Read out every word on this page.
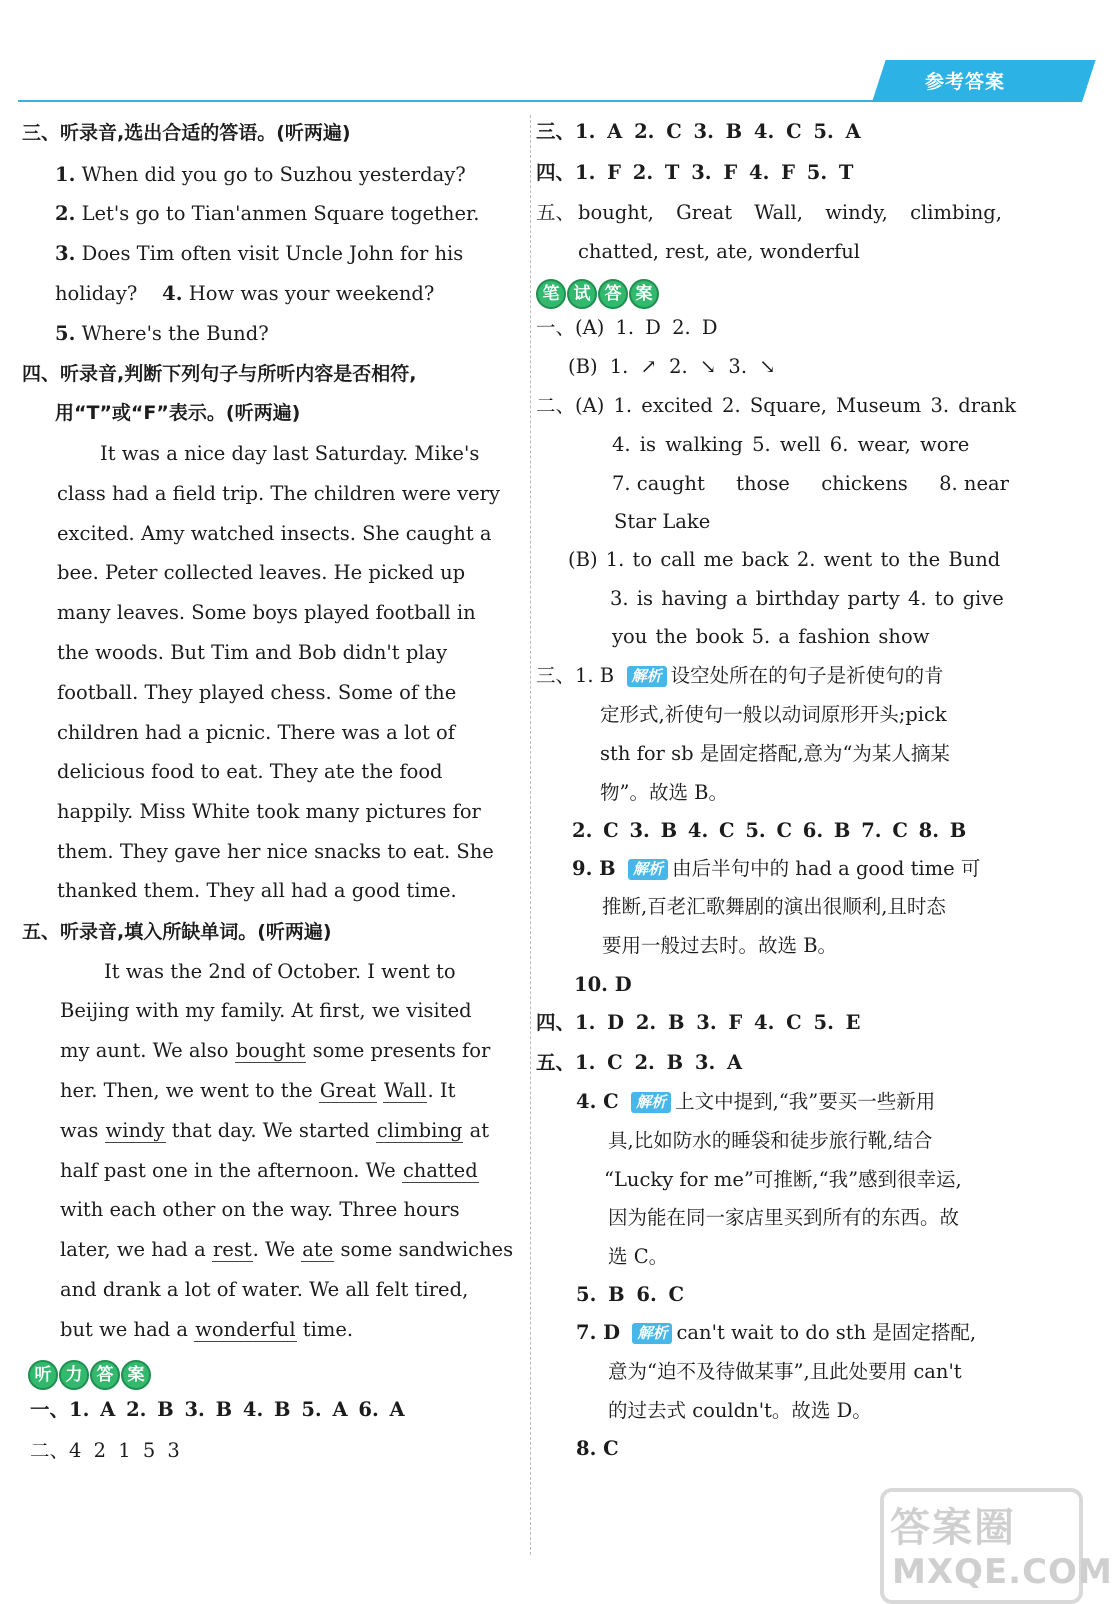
参考答案
三、听录音,选出合适的答语。(听两遍)
1. When did you go to Suzhou yesterday?
2. Let's go to Tian'anmen Square together.
3. Does Tim often visit Uncle John for his
holiday? 4. How was your weekend?
5. Where's the Bund?
四、听录音,判断下列句子与所听内容是否相符,
用“T”或“F”表示。(听两遍)
It was a nice day last Saturday. Mike's
class had a field trip. The children were very
excited. Amy watched insects. She caught a
bee. Peter collected leaves. He picked up
many leaves. Some boys played football in
the woods. But Tim and Bob didn't play
football. They played chess. Some of the
children had a picnic. There was a lot of
delicious food to eat. They ate the food
happily. Miss White took many pictures for
them. They gave her nice snacks to eat. She
thanked them. They all had a good time.
五、听录音,填入所缺单词。(听两遍)
It was the 2nd of October. I went to
Beijing with my family. At first, we visited
my aunt. We also bought some presents for
her. Then, we went to the Great Wall. It
was windy that day. We started climbing at
half past one in the afternoon. We chatted
with each other on the way. Three hours
later, we had a rest. We ate some sandwiches
and drank a lot of water. We all felt tired,
but we had a wonderful time.
听 力 答 案
一、1. A 2. B 3. B 4. B 5. A 6. A
二、4 2 1 5 3
三、1. A 2. C 3. B 4. C 5. A
四、1. F 2. T 3. F 4. F 5. T
五、 bought, Great Wall, windy, climbing,
chatted, rest, ate, wonderful
笔 试 答 案
一、(A) 1. D 2. D
(B) 1. ↗ 2. ↘ 3. ↘
二、(A) 1. excited 2. Square, Museum 3. drank
4. is walking 5. well 6. wear, wore
7. caught those chickens 8. near
Star Lake
(B) 1. to call me back 2. went to the Bund
3. is having a birthday party 4. to give
you the book 5. a fashion show
三、1. B 解析 设空处所在的句子是祈使句的肯
定形式,祈使句一般以动词原形开头;pick
sth for sb 是固定搭配,意为“为某人摘某
物”。故选 B。
2. C 3. B 4. C 5. C 6. B 7. C 8. B
9. B 解析 由后半句中的 had a good time 可
推断,百老汇歌舞剧的演出很顺利,且时态
要用一般过去时。故选 B。
10. D
四、1. D 2. B 3. F 4. C 5. E
五、1. C 2. B 3. A
4. C 解析 上文中提到,“我”要买一些新用
具,比如防水的睡袋和徒步旅行靴,结合
“Lucky for me”可推断,“我”感到很幸运,
因为能在同一家店里买到所有的东西。故
选 C。
5. B 6. C
7. D 解析 can't wait to do sth 是固定搭配,
意为“迫不及待做某事”,且此处要用 can't
的过去式 couldn't。故选 D。
8. C
答案圈
MXQE.COM
